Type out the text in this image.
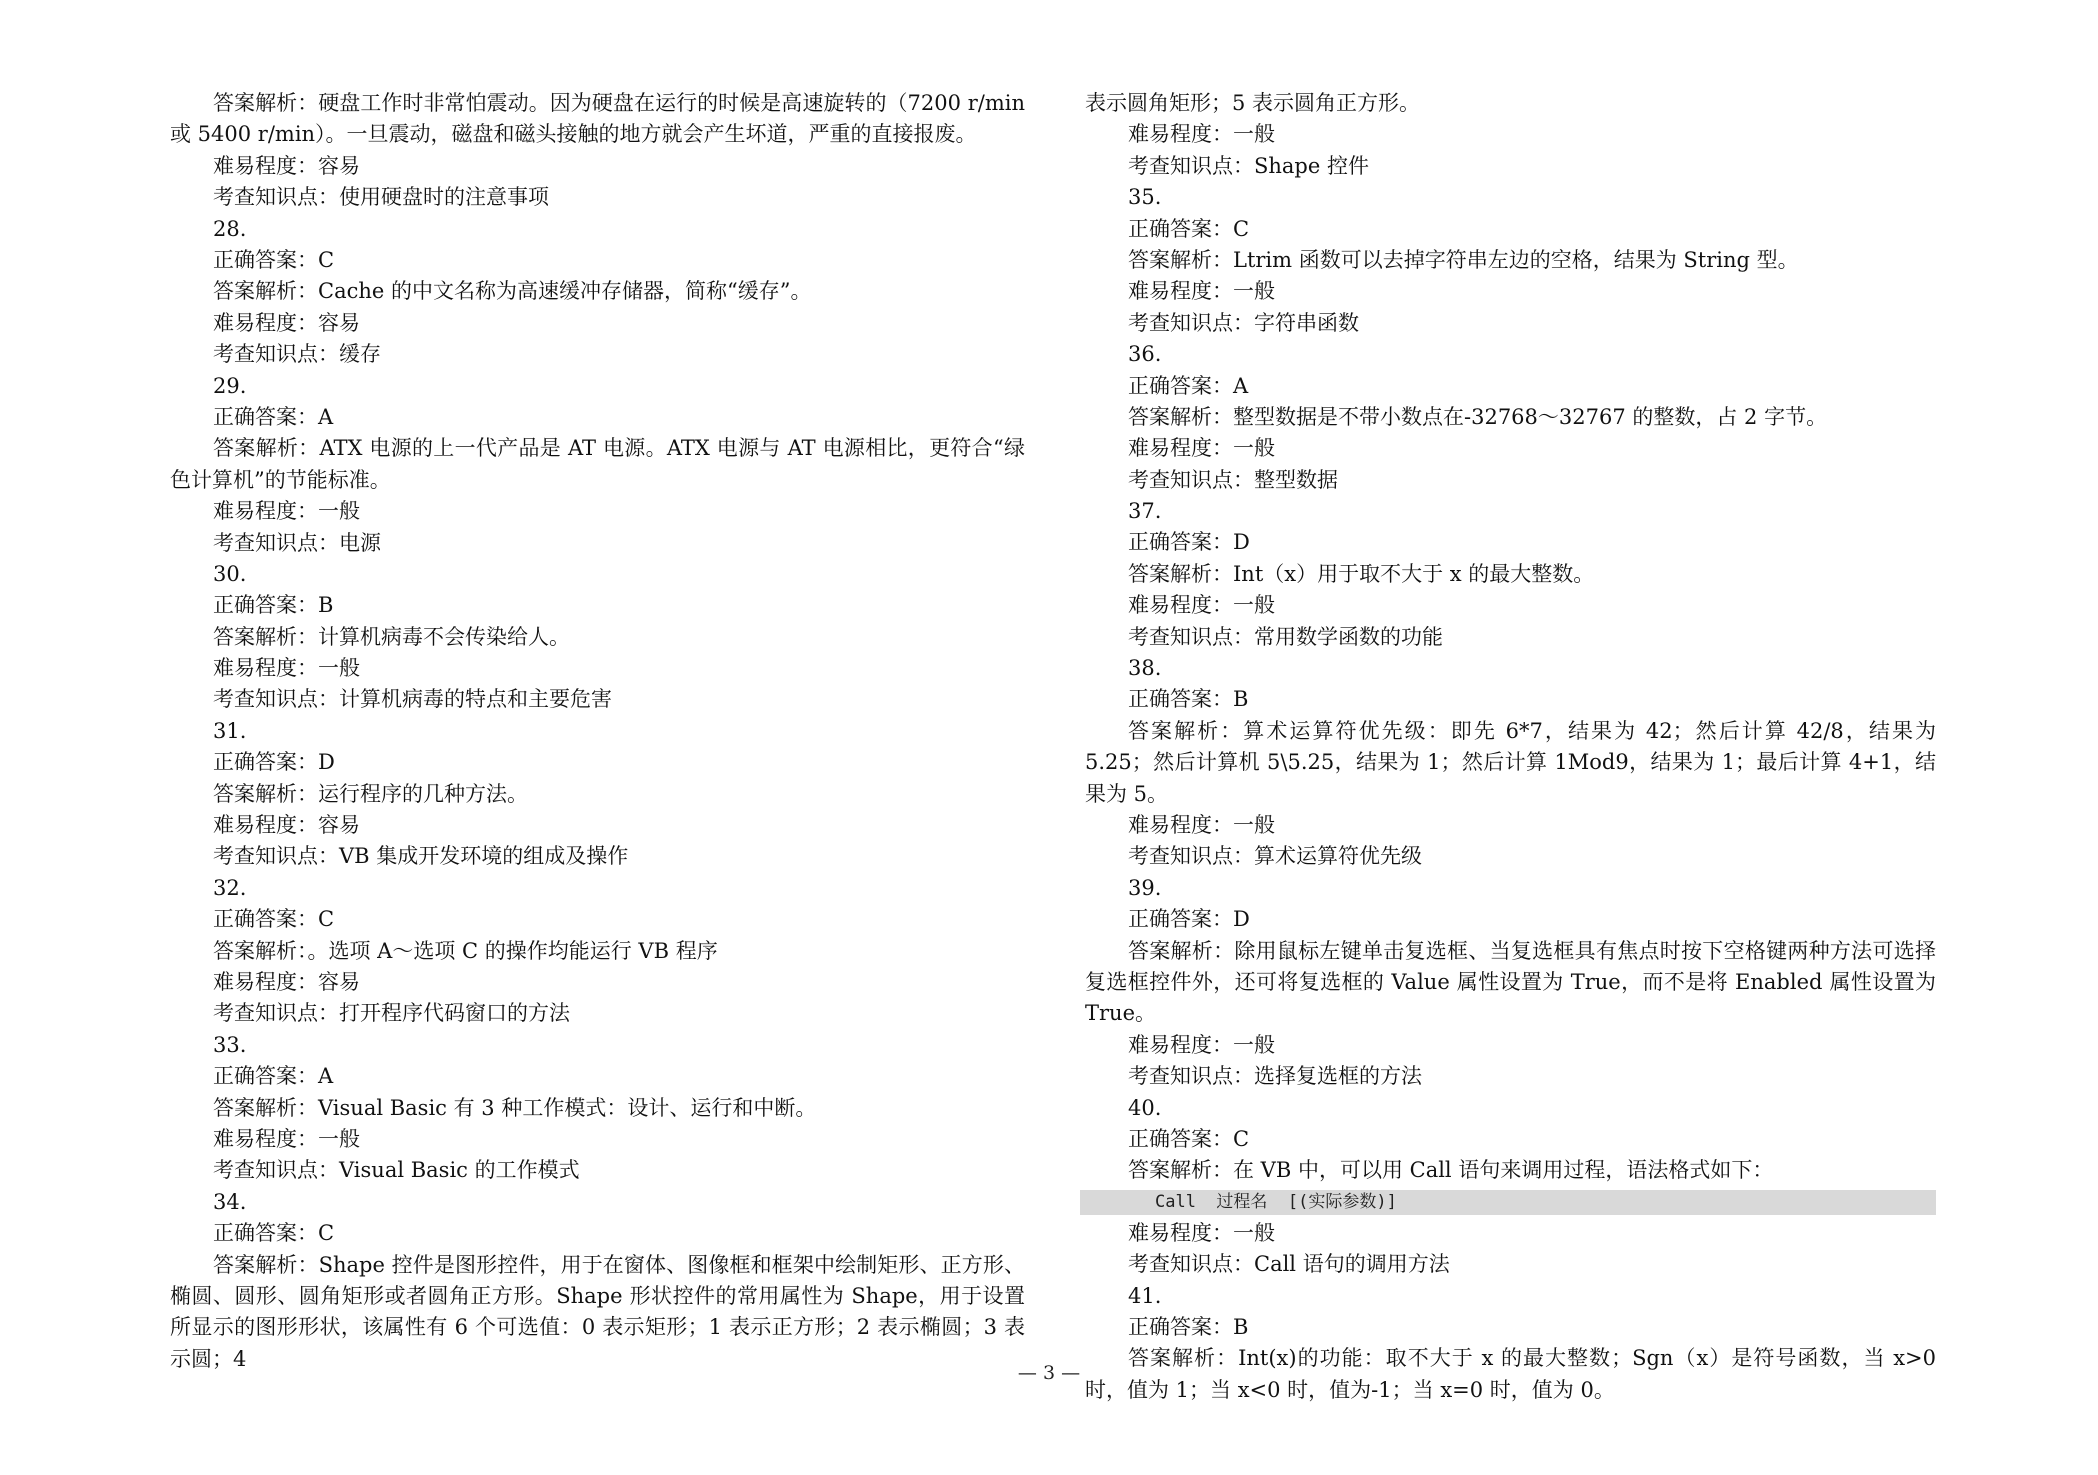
答案解析：硬盘工作时非常怕震动。因为硬盘在运行的时候是高速旋转的（7200 r/min 或 5400 r/min）。一旦震动，磁盘和磁头接触的地方就会产生坏道，严重的直接报废。
难易程度：容易
考查知识点：使用硬盘时的注意事项
28.
正确答案：C
答案解析：Cache 的中文名称为高速缓冲存储器，简称“缓存”。
难易程度：容易
考查知识点：缓存
29.
正确答案：A
答案解析：ATX 电源的上一代产品是 AT 电源。ATX 电源与 AT 电源相比，更符合“绿色计算机”的节能标准。
难易程度：一般
考查知识点：电源
30.
正确答案：B
答案解析：计算机病毒不会传染给人。
难易程度：一般
考查知识点：计算机病毒的特点和主要危害
31.
正确答案：D
答案解析：运行程序的几种方法。
难易程度：容易
考查知识点：VB 集成开发环境的组成及操作
32.
正确答案：C
答案解析：。选项 A～选项 C 的操作均能运行 VB 程序
难易程度：容易
考查知识点：打开程序代码窗口的方法
33.
正确答案：A
答案解析：Visual Basic 有 3 种工作模式：设计、运行和中断。
难易程度：一般
考查知识点：Visual Basic 的工作模式
34.
正确答案：C
答案解析：Shape 控件是图形控件，用于在窗体、图像框和框架中绘制矩形、正方形、椭圆、圆形、圆角矩形或者圆角正方形。Shape 形状控件的常用属性为 Shape，用于设置所显示的图形形状，该属性有 6 个可选值：0 表示矩形；1 表示正方形；2 表示椭圆；3 表示圆；4
表示圆角矩形；5 表示圆角正方形。
难易程度：一般
考查知识点：Shape 控件
35.
正确答案：C
答案解析：Ltrim 函数可以去掉字符串左边的空格，结果为 String 型。
难易程度：一般
考查知识点：字符串函数
36.
正确答案：A
答案解析：整型数据是不带小数点在-32768～32767 的整数，占 2 字节。
难易程度：一般
考查知识点：整型数据
37.
正确答案：D
答案解析：Int（x）用于取不大于 x 的最大整数。
难易程度：一般
考查知识点：常用数学函数的功能
38.
正确答案：B
答案解析：算术运算符优先级：即先 6*7，结果为 42；然后计算 42/8，结果为 5.25；然后计算机 5\5.25，结果为 1；然后计算 1Mod9，结果为 1；最后计算 4+1，结果为 5。
难易程度：一般
考查知识点：算术运算符优先级
39.
正确答案：D
答案解析：除用鼠标左键单击复选框、当复选框具有焦点时按下空格键两种方法可选择复选框控件外，还可将复选框的 Value 属性设置为 True，而不是将 Enabled 属性设置为 True。
难易程度：一般
考查知识点：选择复选框的方法
40.
正确答案：C
答案解析：在 VB 中，可以用 Call 语句来调用过程，语法格式如下：
Call  过程名  [(实际参数)]
难易程度：一般
考查知识点：Call 语句的调用方法
41.
正确答案：B
答案解析：Int(x)的功能：取不大于 x 的最大整数；Sgn（x）是符号函数，当 x>0 时，值为 1；当 x<0 时，值为-1；当 x=0 时，值为 0。
— 3 —
